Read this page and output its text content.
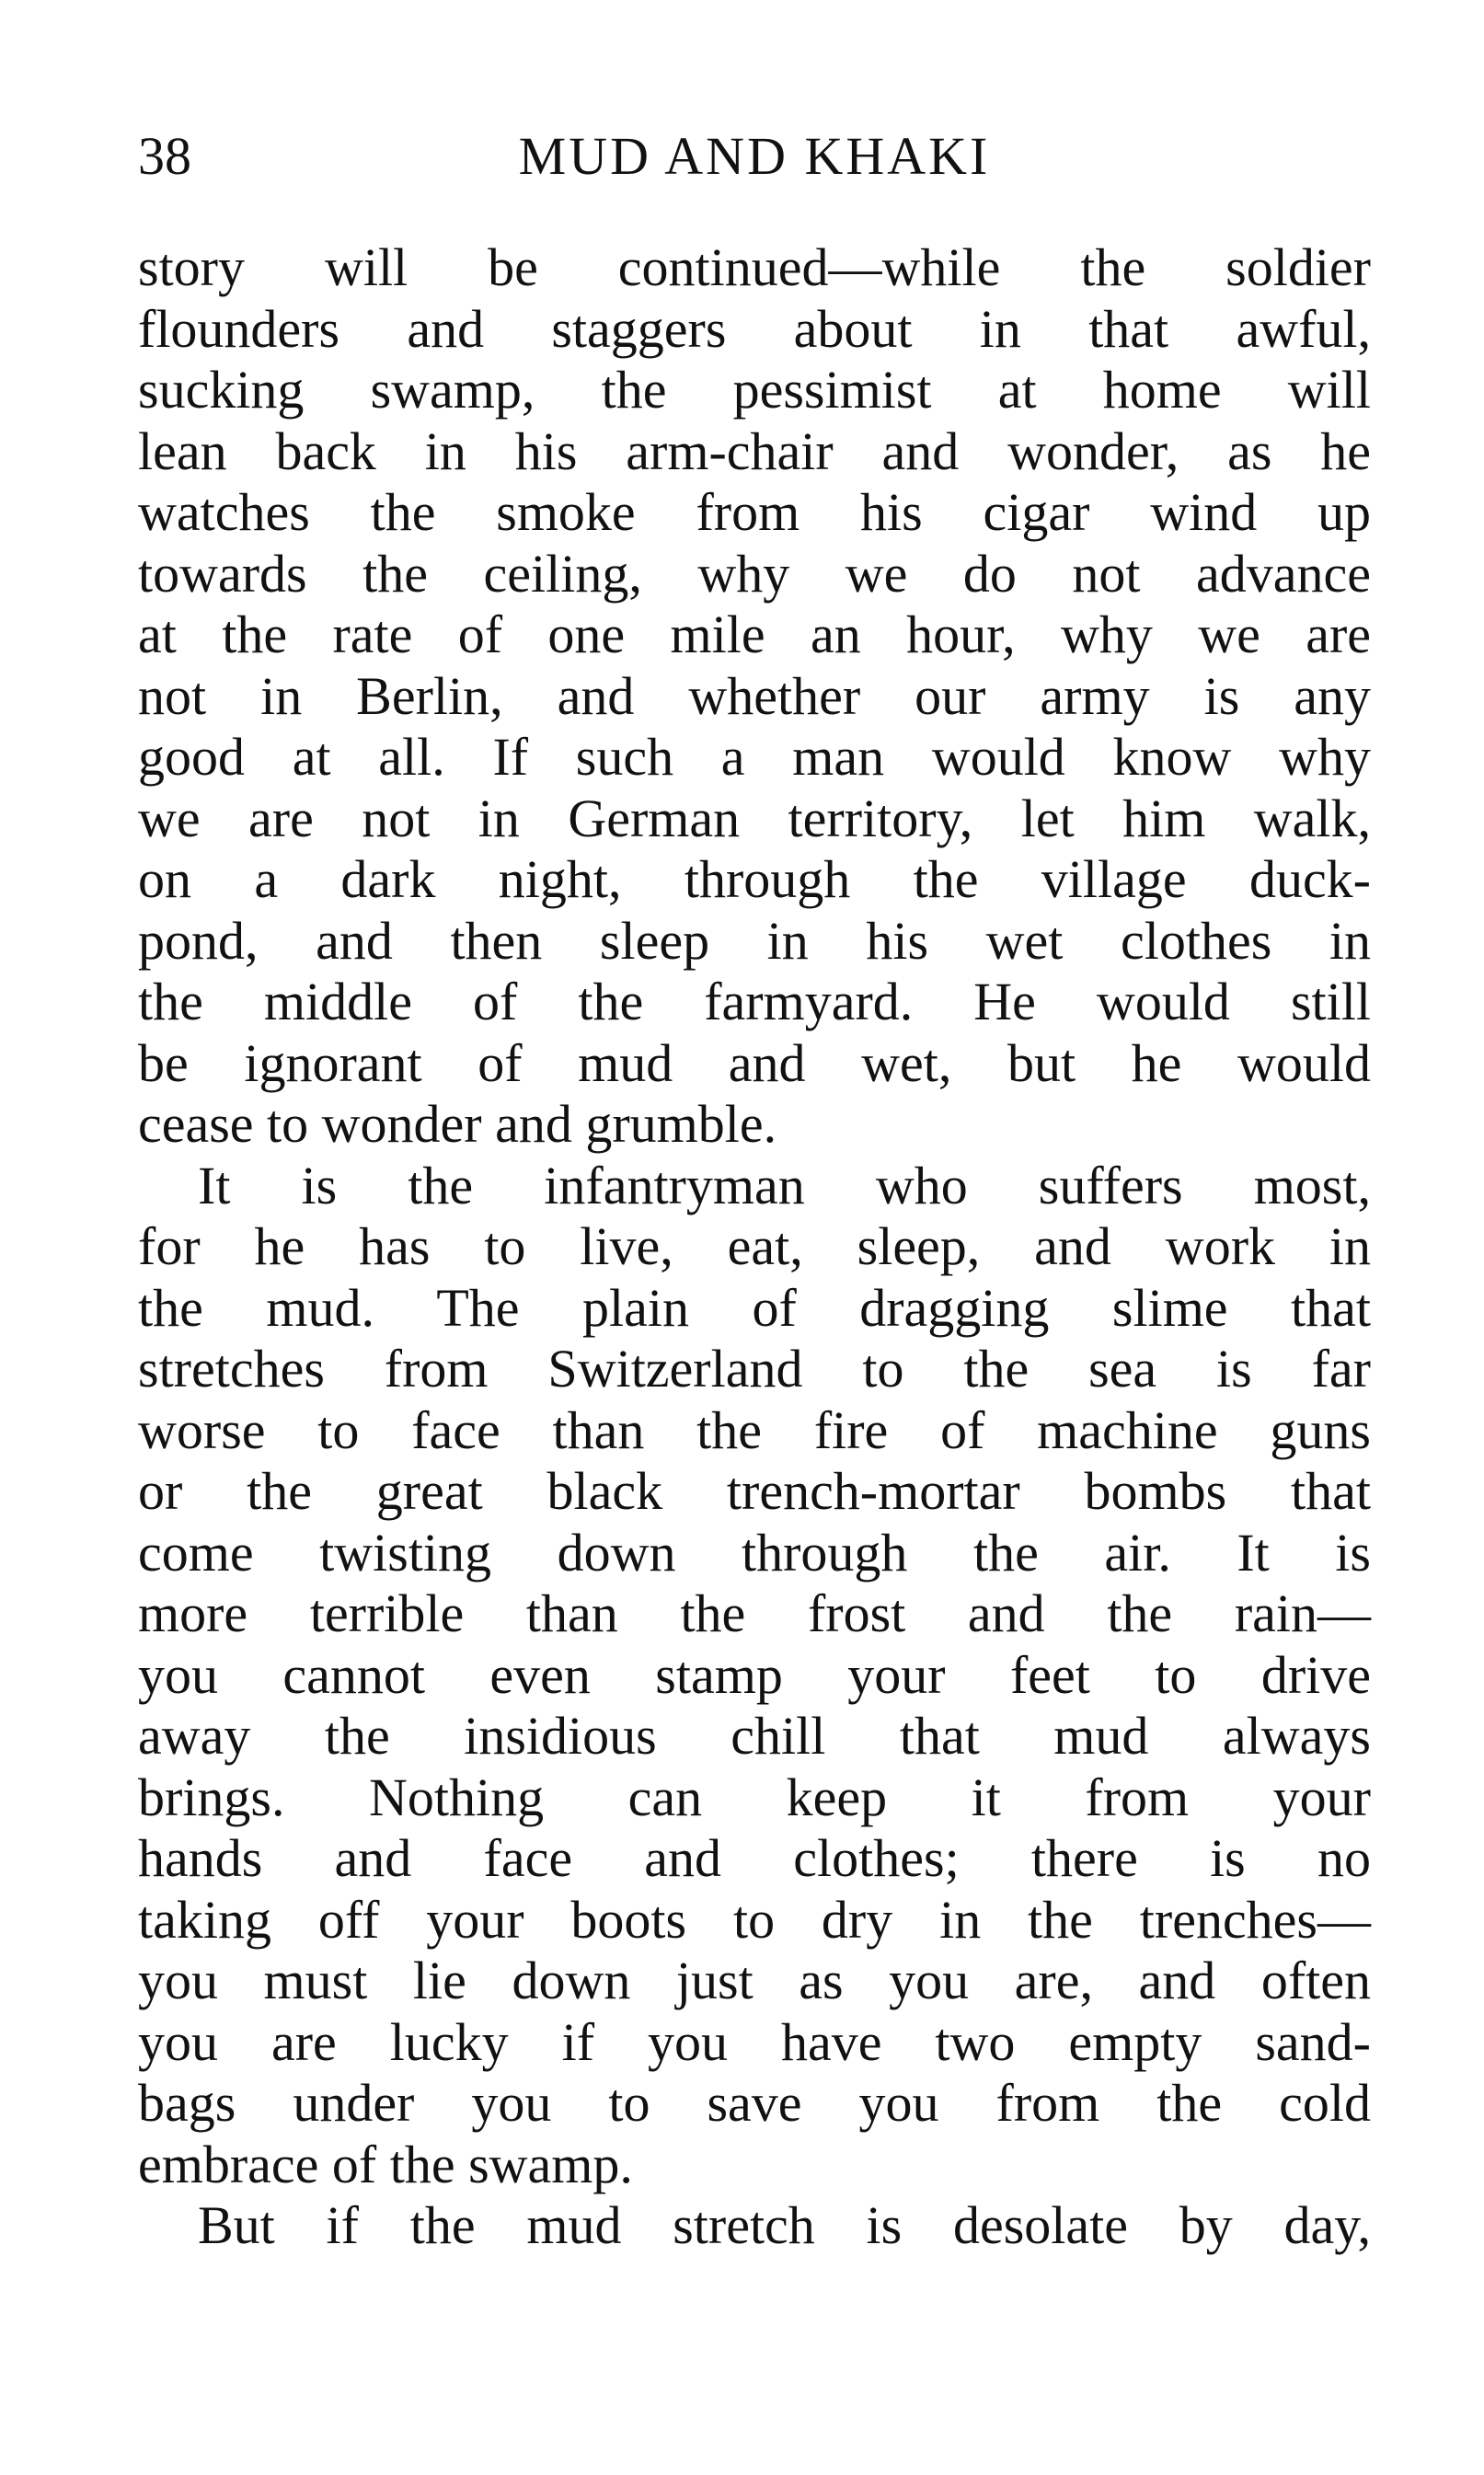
38	MUD AND KHAKI
story will be continued—while the soldier
flounders and staggers about in that awful,
sucking swamp, the pessimist at home will
lean back in his arm-chair and wonder, as he
watches the smoke from his cigar wind up
towards the ceiling, why we do not advance
at the rate of one mile an hour, why we are
not in Berlin, and whether our army is any
good at all. If such a man would know why
we are not in German territory, let him walk,
on a dark night, through the village duck-
pond, and then sleep in his wet clothes in
the middle of the farmyard. He would still
be ignorant of mud and wet, but he would
cease to wonder and grumble.
It is the infantryman who suffers most,
for he has to live, eat, sleep, and work in
the mud. The plain of dragging slime that
stretches from Switzerland to the sea is far
worse to face than the fire of machine guns
or the great black trench-mortar bombs that
come twisting down through the air. It is
more terrible than the frost and the rain—
you cannot even stamp your feet to drive
away the insidious chill that mud always
brings. Nothing can keep it from your
hands and face and clothes; there is no
taking off your boots to dry in the trenches—
you must lie down just as you are, and often
you are lucky if you have two empty sand-
bags under you to save you from the cold
embrace of the swamp.
But if the mud stretch is desolate by day,
